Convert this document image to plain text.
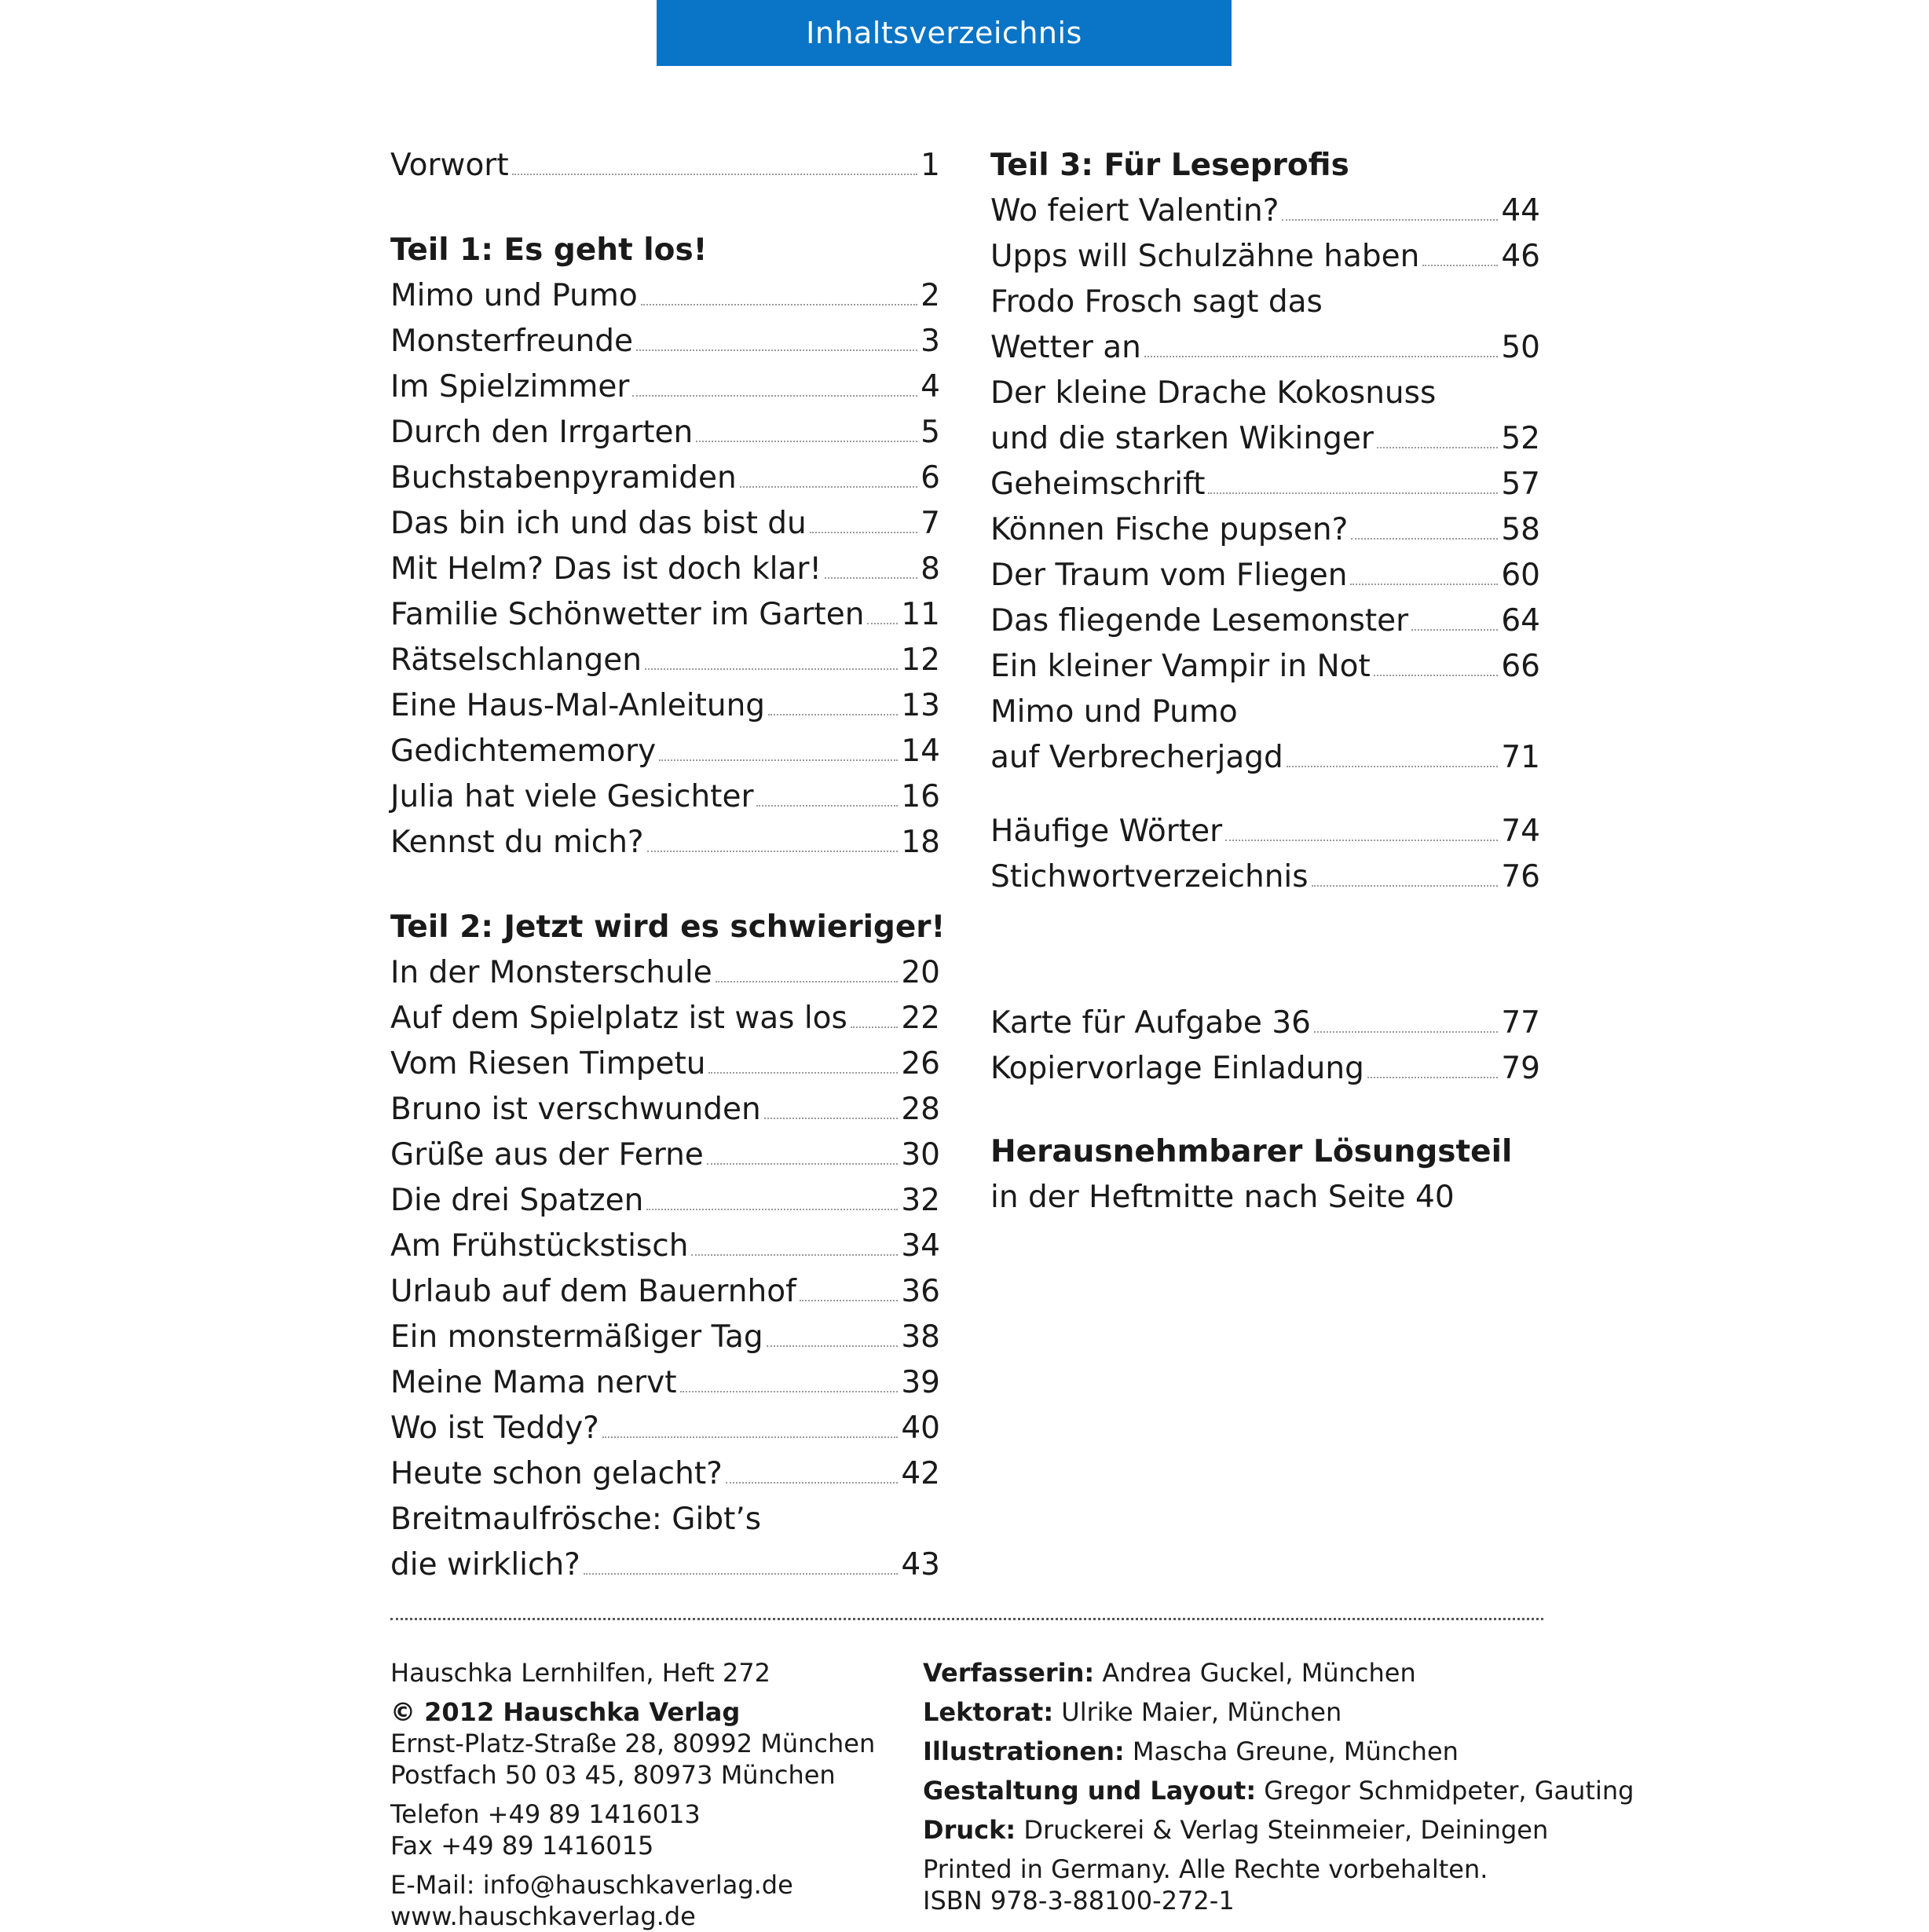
Inhaltsverzeichnis
Vorwort	1
Teil 1: Es geht los!
Mimo und Pumo	2
Monsterfreunde	3
Im Spielzimmer	4
Durch den Irrgarten	5
Buchstabenpyramiden	6
Das bin ich und das bist du	7
Mit Helm? Das ist doch klar!	8
Familie Schönwetter im Garten 11
Rätselschlangen	12
Eine Haus-Mal-Anleitung	13
Gedichtememory	14
Julia hat viele Gesichter	16
Kennst du mich?	18
Teil 2: Jetzt wird es schwieriger!
In der Monsterschule	20
Auf dem Spielplatz ist was los 22
Vom Riesen Timpetu	26
Bruno ist verschwunden	28
Grüße aus der Ferne	30
Die drei Spatzen	32
Am Frühstückstisch	34
Urlaub auf dem Bauernhof	36
Ein monstermäßiger Tag	38
Meine Mama nervt	39
Wo ist Teddy?	40
Heute schon gelacht?	42
Breitmaulfrösche: Gibt’s
die wirklich?	43
Teil 3: Für Leseprofis
Wo feiert Valentin?	44
Upps will Schulzähne haben	46
Frodo Frosch sagt das
Wetter an	50
Der kleine Drache Kokosnuss
und die starken Wikinger	52
Geheimschrift	57
Können Fische pupsen?	58
Der Traum vom Fliegen	60
Das fliegende Lesemonster	64
Ein kleiner Vampir in Not	66
Mimo und Pumo
auf Verbrecherjagd	71
Häufige Wörter	74
Stichwortverzeichnis	76
Karte für Aufgabe 36	77
Kopiervorlage Einladung	79
Herausnehmbarer Lösungsteil
in der Heftmitte nach Seite 40
Hauschka Lernhilfen, Heft 272
© 2012 Hauschka Verlag
Ernst-Platz-Straße 28, 80992 München
Postfach 50 03 45, 80973 München
Telefon +49 89 1416013
Fax +49 89 1416015
E-Mail: info@hauschkaverlag.de
www.hauschkaverlag.de
Verfasserin: Andrea Guckel, München
Lektorat: Ulrike Maier, München
Illustrationen: Mascha Greune, München
Gestaltung und Layout: Gregor Schmidpeter, Gauting
Druck: Druckerei & Verlag Steinmeier, Deiningen
Printed in Germany. Alle Rechte vorbehalten.
ISBN 978-3-88100-272-1
